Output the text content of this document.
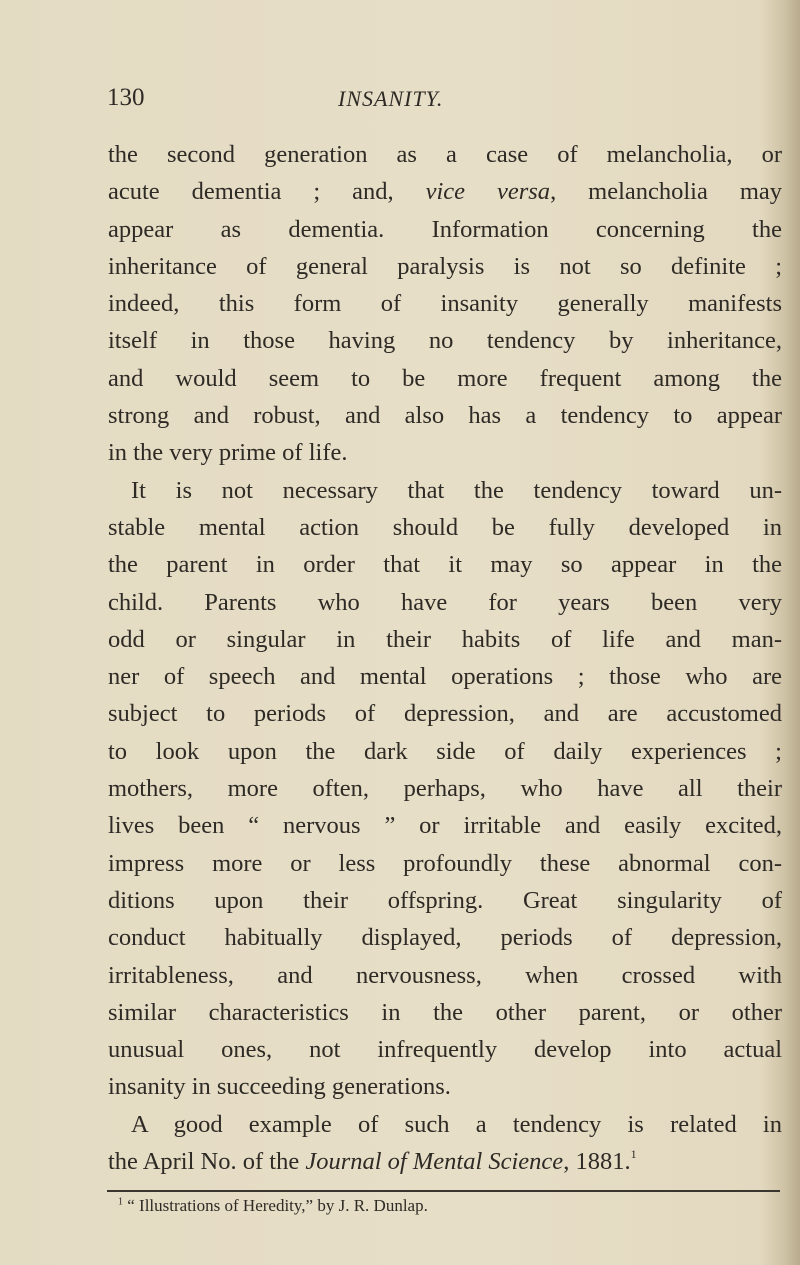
130	INSANITY.
the second generation as a case of melancholia, or
acute dementia ; and, vice versa, melancholia may
appear as dementia. Information concerning the
inheritance of general paralysis is not so definite ;
indeed, this form of insanity generally manifests
itself in those having no tendency by inheritance,
and would seem to be more frequent among the
strong and robust, and also has a tendency to appear
in the very prime of life.
It is not necessary that the tendency toward un-
stable mental action should be fully developed in
the parent in order that it may so appear in the
child. Parents who have for years been very
odd or singular in their habits of life and man-
ner of speech and mental operations ; those who are
subject to periods of depression, and are accustomed
to look upon the dark side of daily experiences ;
mothers, more often, perhaps, who have all their
lives been “ nervous ” or irritable and easily excited,
impress more or less profoundly these abnormal con-
ditions upon their offspring. Great singularity of
conduct habitually displayed, periods of depression,
irritableness, and nervousness, when crossed with
similar characteristics in the other parent, or other
unusual ones, not infrequently develop into actual
insanity in succeeding generations.
A good example of such a tendency is related in
the April No. of the Journal of Mental Science, 1881.$^1$
$^1$ “ Illustrations of Heredity,” by J. R. Dunlap.
